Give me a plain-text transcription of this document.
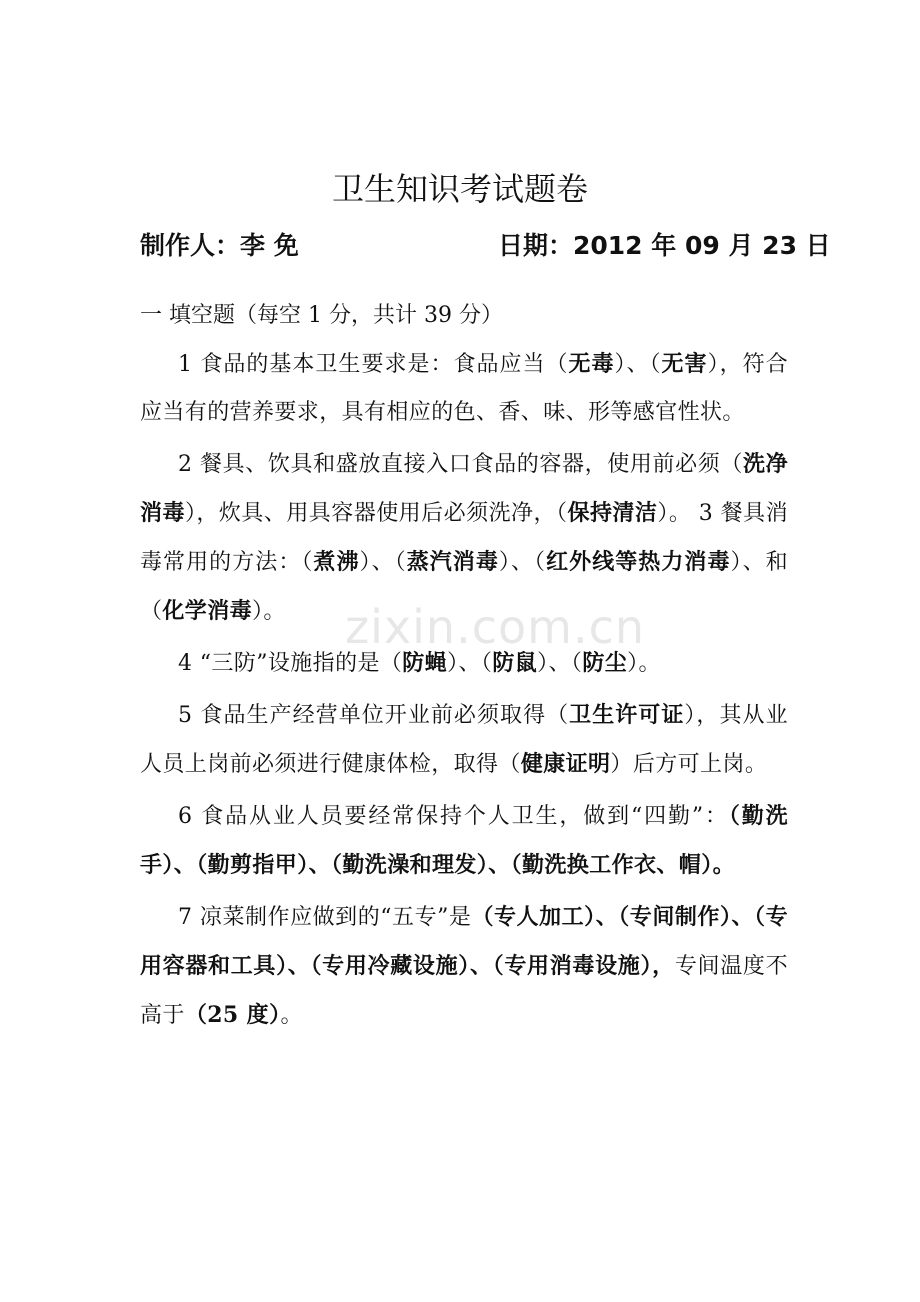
zixin.com.cn
卫生知识考试题卷
制作人：李 免	日期：2012 年 09 月 23 日

一 填空题（每空 1 分，共计 39 分）

1 食品的基本卫生要求是：食品应当（无毒）、（无害），符合应当有的营养要求，具有相应的色、香、味、形等感官性状。

2 餐具、饮具和盛放直接入口食品的容器，使用前必须（洗净消毒），炊具、用具容器使用后必须洗净，（保持清洁）。 3 餐具消毒常用的方法：（煮沸）、（蒸汽消毒）、（红外线等热力消毒）、和（化学消毒）。

4 “三防”设施指的是（防蝇）、（防鼠）、（防尘）。

5 食品生产经营单位开业前必须取得（卫生许可证），其从业人员上岗前必须进行健康体检，取得（健康证明）后方可上岗。

6 食品从业人员要经常保持个人卫生，做到“四勤”：（勤洗手）、（勤剪指甲）、（勤洗澡和理发）、（勤洗换工作衣、帽）。

7 凉菜制作应做到的“五专”是（专人加工）、（专间制作）、（专用容器和工具）、（专用冷藏设施）、（专用消毒设施），专间温度不高于（25 度）。
